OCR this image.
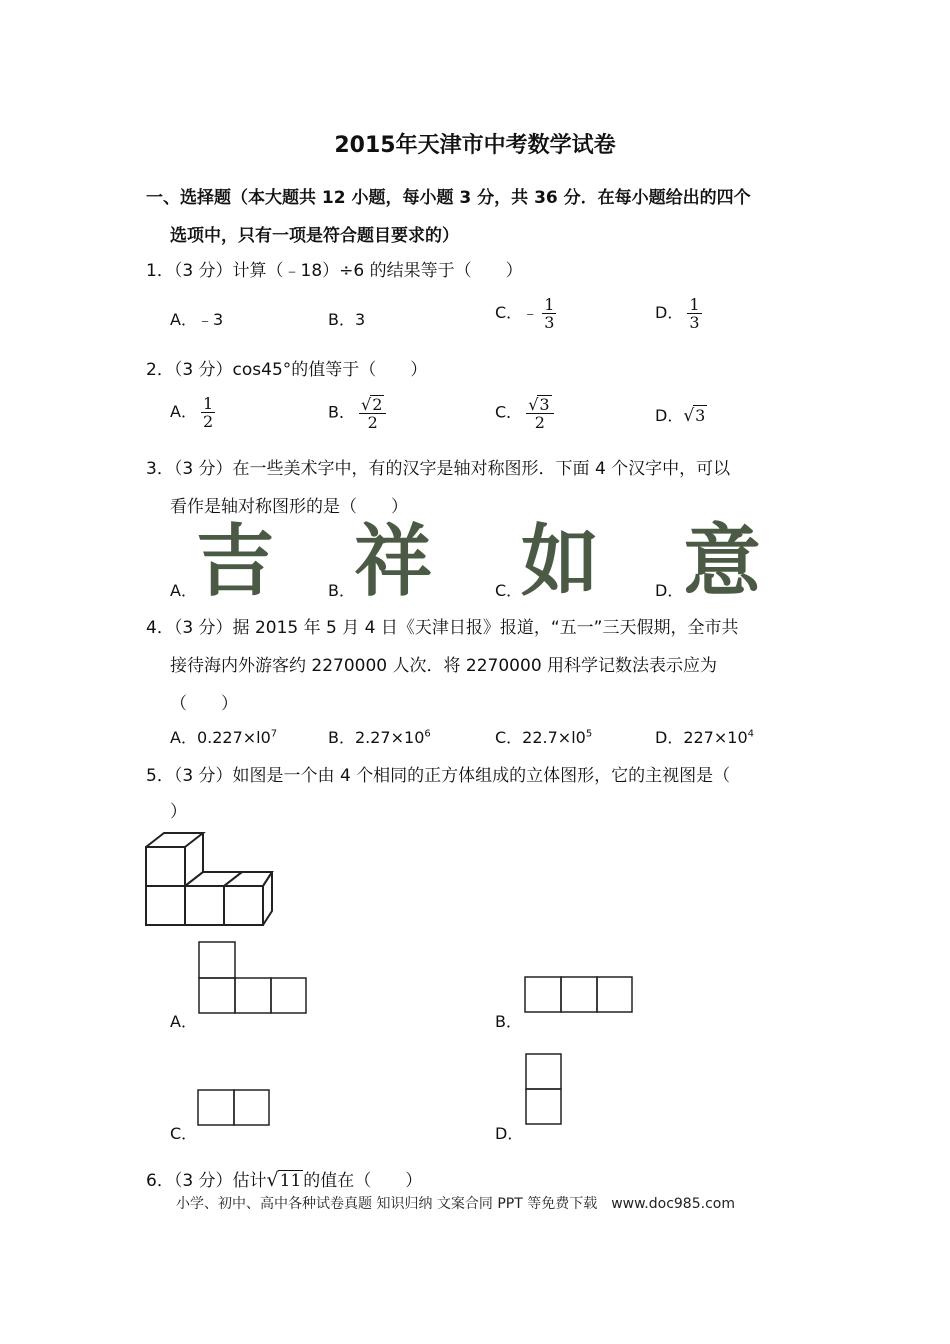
2015年天津市中考数学试卷
一、选择题（本大题共 12 小题，每小题 3 分，共 36 分．在每小题给出的四个
选项中，只有一项是符合题目要求的）
1．（3 分）计算（﹣18）÷6 的结果等于（　　）
A．﹣3	B．3	C．﹣ $\frac{1}{3}$	D． $\frac{1}{3}$
2．（3 分）cos45°的值等于（　　）
A． $\frac{1}{2}$	B． $\frac{√2}{2}$	C． $\frac{√3}{2}$	D．√3
3．（3 分）在一些美术字中，有的汉字是轴对称图形．下面 4 个汉字中，可以
看作是轴对称图形的是（　　）
A． 吉	B． 祥	C．
如	D． 意
4．（3 分）据 2015 年 5 月 4 日《天津日报》报道，“五一”三天假期，全市共
接待海内外游客约 2270000 人次．将 2270000 用科学记数法表示应为
（　　）
A．$0.227\times l0^7$	B．$2.27\times 10^6$	C．$22.7\times l0^5$	D．$227\times 10^4$
5．（3 分）如图是一个由 4 个相同的正方体组成的立体图形，它的主视图是（
）
A．	B．
C．	D．
6．（3 分）估计√11 的值在（　　）
小学、初中、高中各种试卷真题 知识归纳 文案合同 PPT 等免费下载　www.doc985.com
